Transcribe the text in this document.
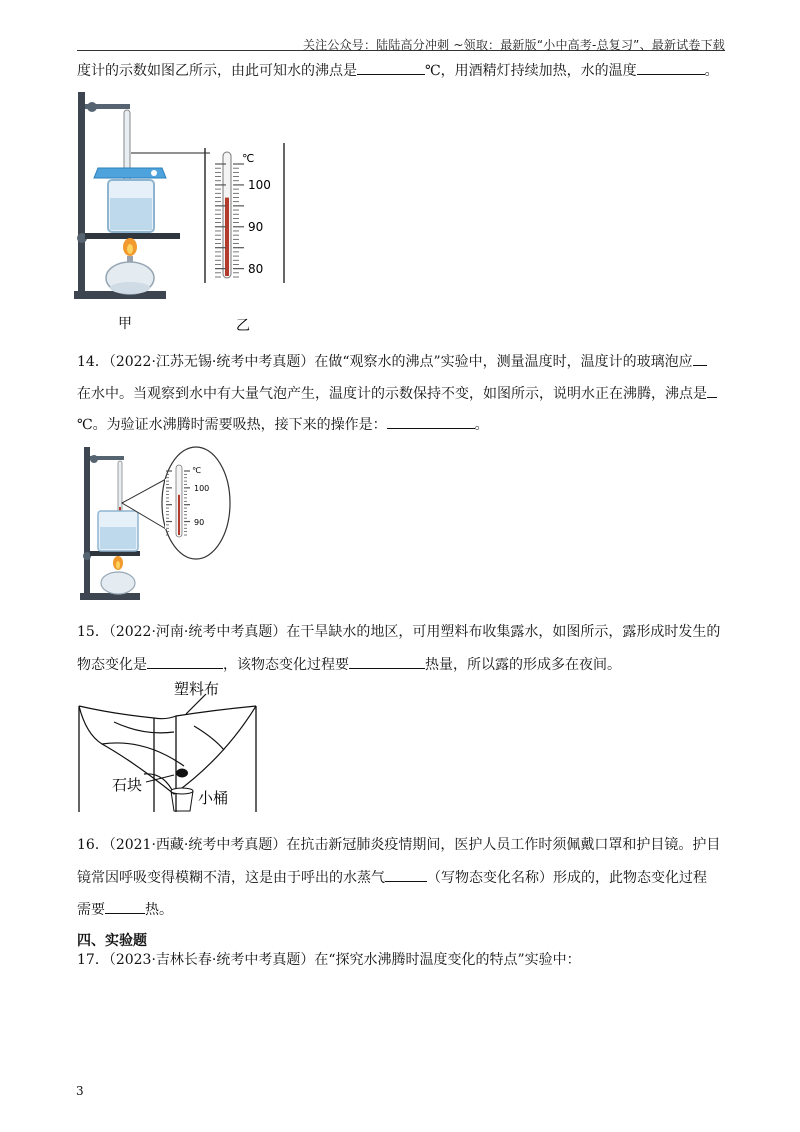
关注公众号：陆陆高分冲刺 ~领取：最新版“小中高考-总复习”、最新试卷下载
度计的示数如图乙所示，由此可知水的沸点是	℃，用酒精灯持续加热，水的温度	。
℃
100
90
80
甲	乙
14．（2022·江苏无锡·统考中考真题）在做“观察水的沸点”实验中，测量温度时，温度计的玻璃泡应
在水中。当观察到水中有大量气泡产生，温度计的示数保持不变，如图所示，说明水正在沸腾，沸点是
℃。为验证水沸腾时需要吸热，接下来的操作是：	。
℃
100
90
15．（2022·河南·统考中考真题）在干旱缺水的地区，可用塑料布收集露水，如图所示，露形成时发生的
物态变化是	，该物态变化过程要	热量，所以露的形成多在夜间。
塑料布
石块
小桶
16．（2021·西藏·统考中考真题）在抗击新冠肺炎疫情期间，医护人员工作时须佩戴口罩和护目镜。护目
镜常因呼吸变得模糊不清，这是由于呼出的水蒸气	（写物态变化名称）形成的，此物态变化过程
需要	热。
四、实验题
17．（2023·吉林长春·统考中考真题）在“探究水沸腾时温度变化的特点”实验中：
3
